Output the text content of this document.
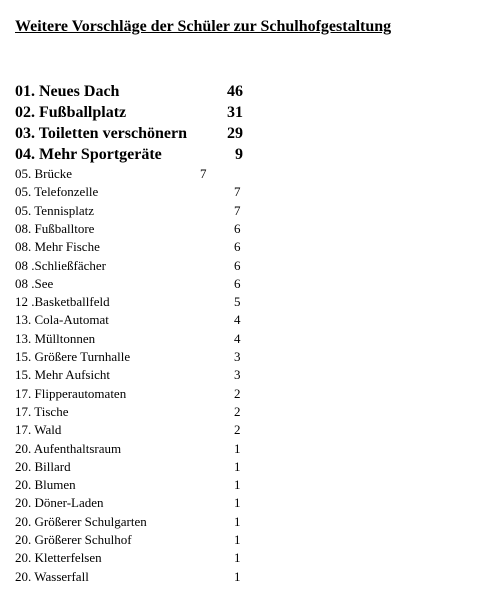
Weitere Vorschläge der Schüler zur Schulhofgestaltung
01. Neues Dach	46
02. Fußballplatz	31
03. Toiletten verschönern	29
04. Mehr Sportgeräte	9
05. Brücke	7
05. Telefonzelle	7
05. Tennisplatz	7
08. Fußballtore	6
08. Mehr Fische	6
08 .Schließfächer	6
08 .See	6
12 .Basketballfeld	5
13. Cola-Automat	4
13. Mülltonnen	4
15. Größere Turnhalle	3
15. Mehr Aufsicht	3
17. Flipperautomaten	2
17. Tische	2
17. Wald	2
20. Aufenthaltsraum	1
20. Billard	1
20. Blumen	1
20. Döner-Laden	1
20. Größerer Schulgarten	1
20. Größerer Schulhof	1
20. Kletterfelsen	1
20. Wasserfall	1
